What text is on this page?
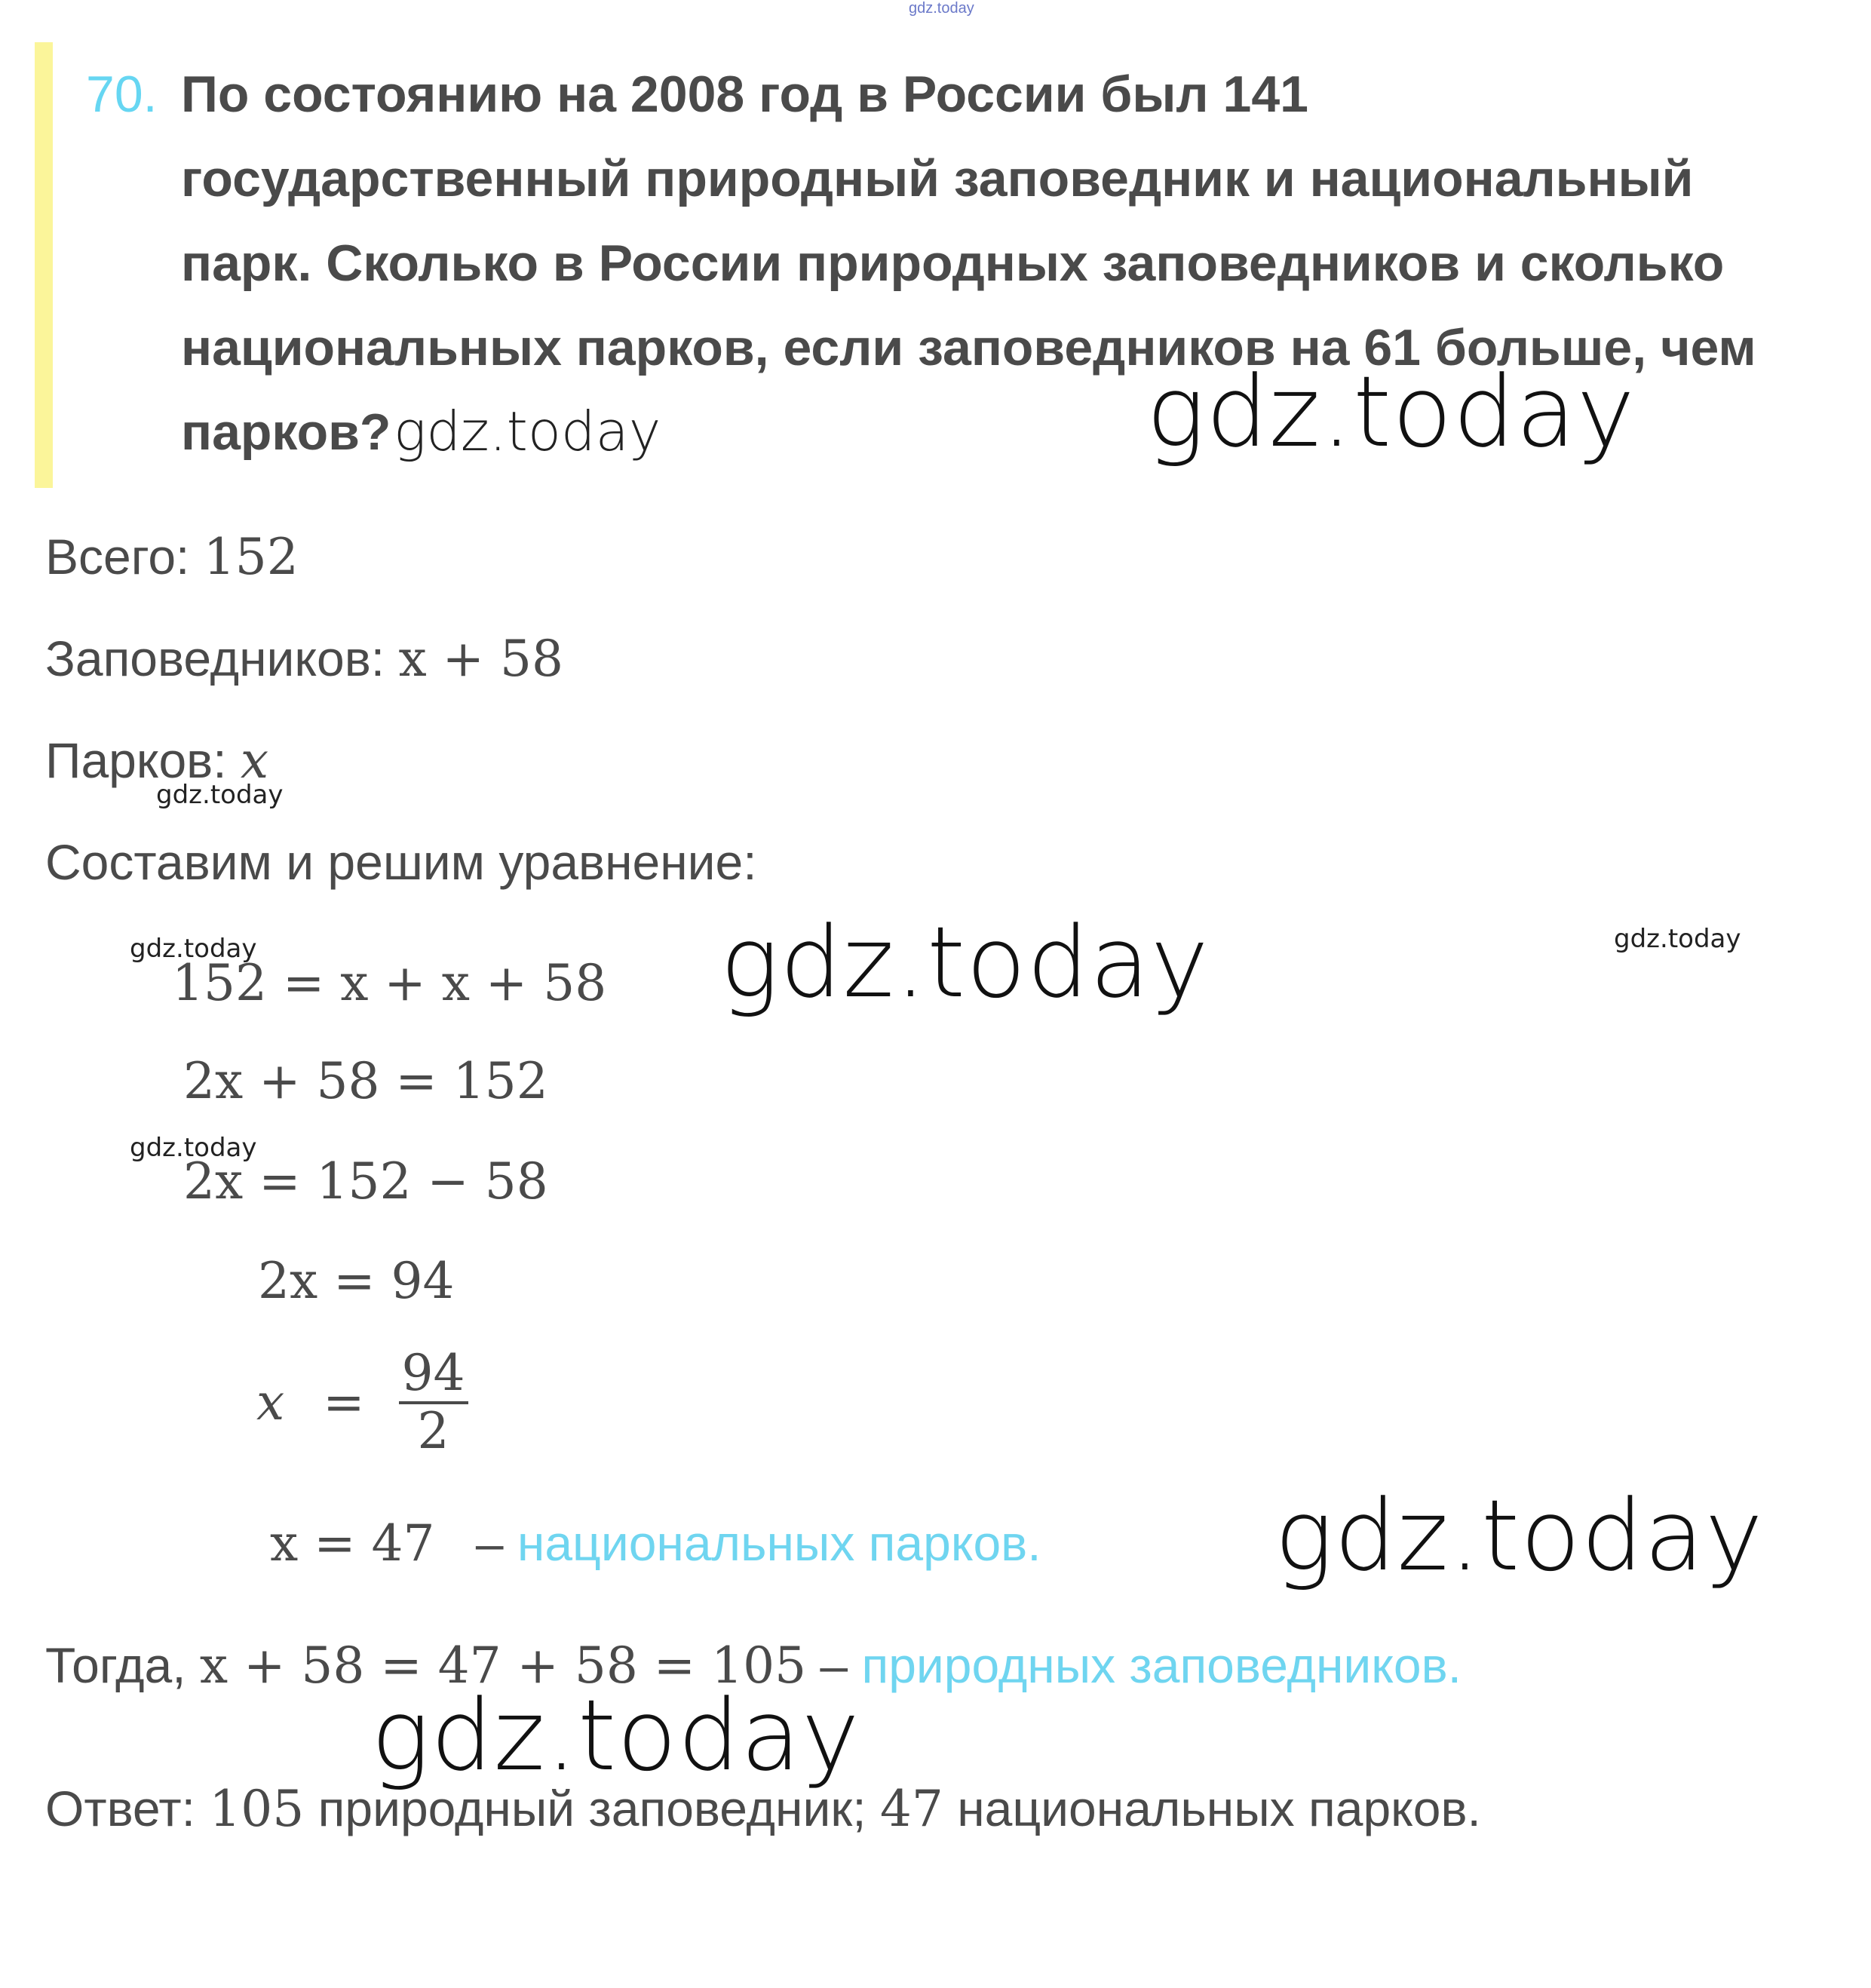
gdz.today
70. По состоянию на 2008 год в России был 141
государственный природный заповедник и национальный
парк. Сколько в России природных заповедников и сколько
национальных парков, если заповедников на 61 больше, чем
парков? gdz.today	gdz.today
Всего: 152
Заповедников: x + 58
Парков: x
gdz.today
Составим и решим уравнение:
gdz.today
152 = x + x + 58 gdz.today	gdz.today
2x + 58 = 152
gdz.today
2x = 152 − 58
2x = 94
$x = \frac{94}{2}$
x = 47 – национальных парков. gdz.today
Тогда, x + 58 = 47 + 58 = 105 – природных заповедников.
gdz.today
Ответ: 105 природный заповедник; 47 национальных парков.
